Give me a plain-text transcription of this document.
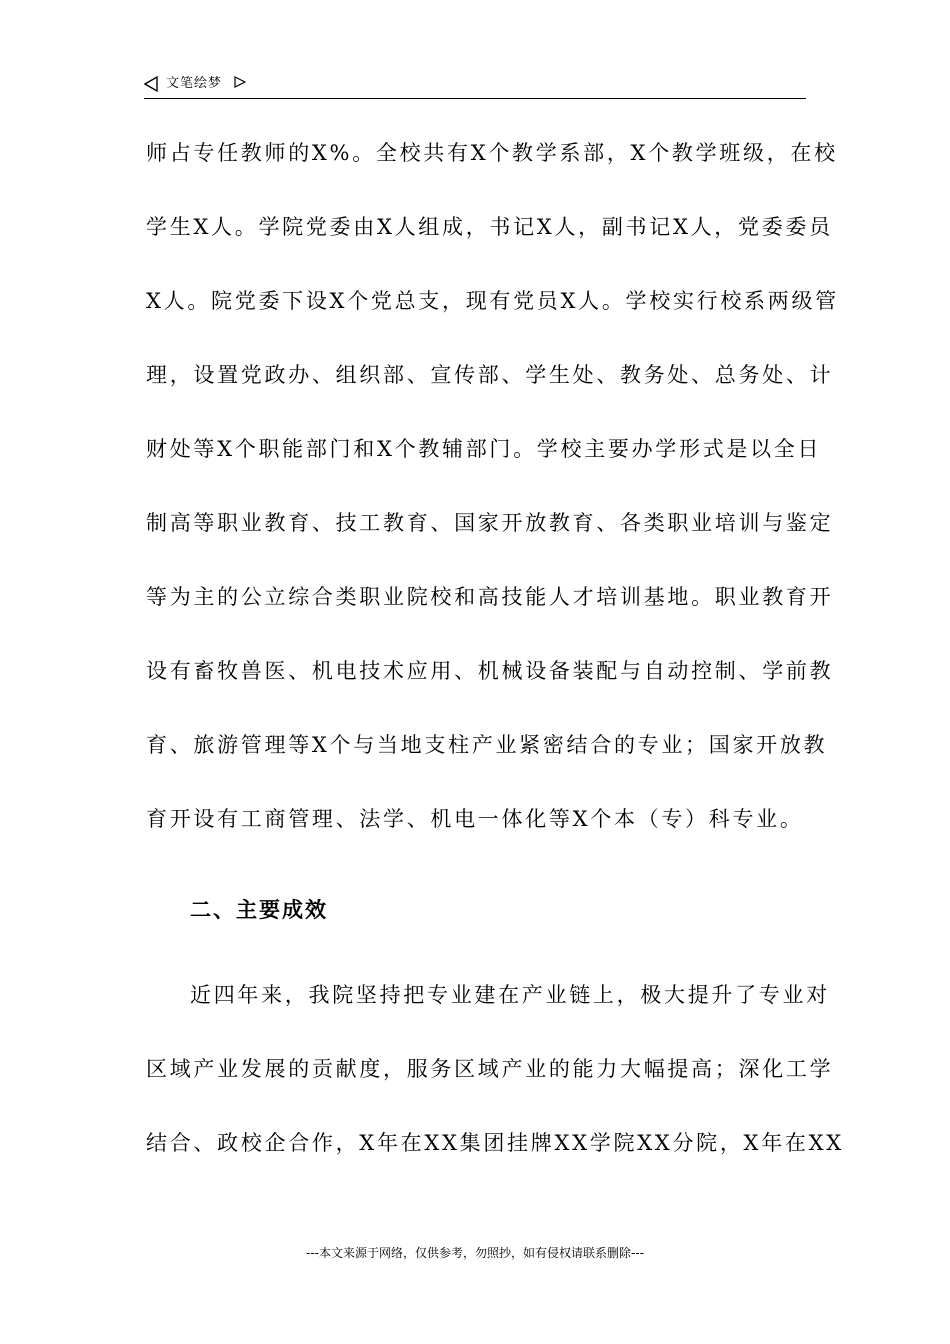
文笔绘梦
师占专任教师的X%。全校共有X个教学系部，X个教学班级，在校
学生X人。学院党委由X人组成，书记X人，副书记X人，党委委员
X人。院党委下设X个党总支，现有党员X人。学校实行校系两级管
理，设置党政办、组织部、宣传部、学生处、教务处、总务处、计
财处等X个职能部门和X个教辅部门。学校主要办学形式是以全日
制高等职业教育、技工教育、国家开放教育、各类职业培训与鉴定
等为主的公立综合类职业院校和高技能人才培训基地。职业教育开
设有畜牧兽医、机电技术应用、机械设备装配与自动控制、学前教
育、旅游管理等X个与当地支柱产业紧密结合的专业；国家开放教
育开设有工商管理、法学、机电一体化等X个本（专）科专业。
二、主要成效
近四年来，我院坚持把专业建在产业链上，极大提升了专业对
区域产业发展的贡献度，服务区域产业的能力大幅提高；深化工学
结合、政校企合作，X年在XX集团挂牌XX学院XX分院，X年在XX
---本文来源于网络，仅供参考，勿照抄，如有侵权请联系删除---
